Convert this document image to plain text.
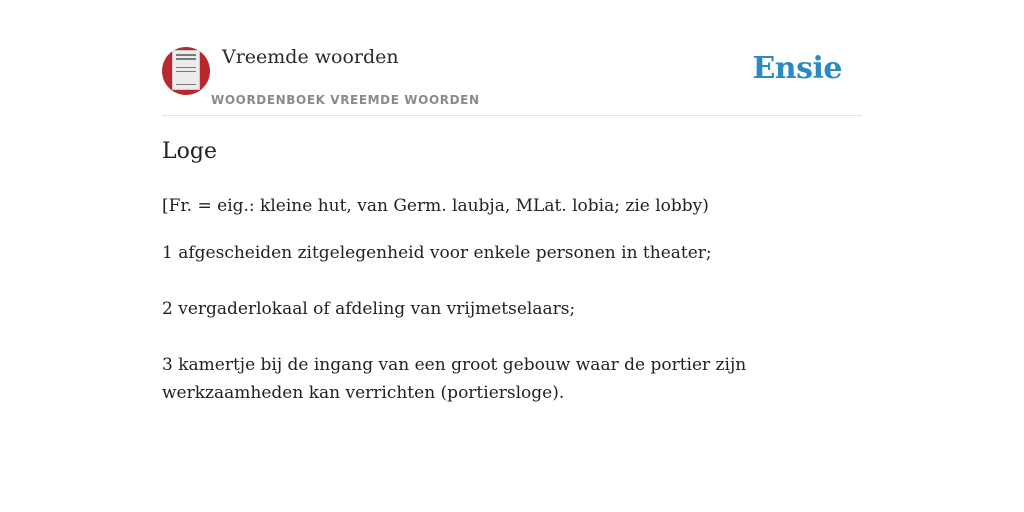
Vreemde woorden
WOORDENBOEK VREEMDE WOORDEN
Ensie
Loge
[Fr. = eig.: kleine hut, van Germ. laubja, MLat. lobia; zie lobby)
1 afgescheiden zitgelegenheid voor enkele personen in theater;
2 vergaderlokaal of afdeling van vrijmetselaars;
3 kamertje bij de ingang van een groot gebouw waar de portier zijn werkzaamheden kan verrichten (portiersloge).
